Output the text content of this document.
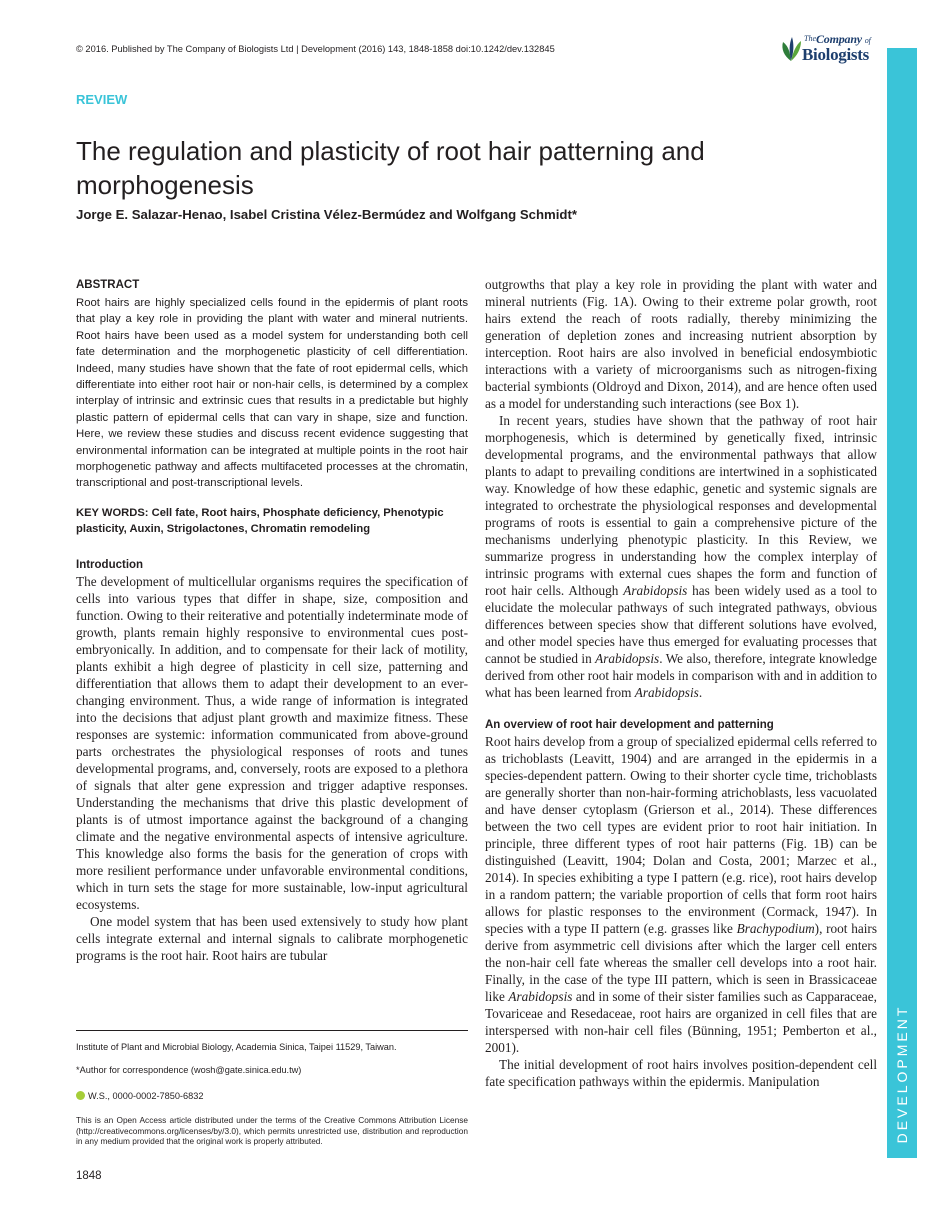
© 2016. Published by The Company of Biologists Ltd | Development (2016) 143, 1848-1858 doi:10.1242/dev.132845
The Company of
Biologists
DEVELOPMENT
REVIEW
The regulation and plasticity of root hair patterning and morphogenesis
Jorge E. Salazar-Henao, Isabel Cristina Vélez-Bermúdez and Wolfgang Schmidt*

ABSTRACT

Root hairs are highly specialized cells found in the epidermis of plant roots that play a key role in providing the plant with water and mineral nutrients. Root hairs have been used as a model system for understanding both cell fate determination and the morphogenetic plasticity of cell differentiation. Indeed, many studies have shown that the fate of root epidermal cells, which differentiate into either root hair or non-hair cells, is determined by a complex interplay of intrinsic and extrinsic cues that results in a predictable but highly plastic pattern of epidermal cells that can vary in shape, size and function. Here, we review these studies and discuss recent evidence suggesting that environmental information can be integrated at multiple points in the root hair morphogenetic pathway and affects multifaceted processes at the chromatin, transcriptional and post-transcriptional levels.

KEY WORDS: Cell fate, Root hairs, Phosphate deficiency, Phenotypic plasticity, Auxin, Strigolactones, Chromatin remodeling

Introduction

The development of multicellular organisms requires the specification of cells into various types that differ in shape, size, composition and function. Owing to their reiterative and potentially indeterminate mode of growth, plants remain highly responsive to environmental cues post-embryonically. In addition, and to compensate for their lack of motility, plants exhibit a high degree of plasticity in cell size, patterning and differentiation that allows them to adapt their development to an ever-changing environment. Thus, a wide range of information is integrated into the decisions that adjust plant growth and maximize fitness. These responses are systemic: information communicated from above-ground parts orchestrates the physiological responses of roots and tunes developmental programs, and, conversely, roots are exposed to a plethora of signals that alter gene expression and trigger adaptive responses. Understanding the mechanisms that drive this plastic development of plants is of utmost importance against the background of a changing climate and the negative environmental aspects of intensive agriculture. This knowledge also forms the basis for the generation of crops with more resilient performance under unfavorable environmental conditions, which in turn sets the stage for more sustainable, low-input agricultural ecosystems.

One model system that has been used extensively to study how plant cells integrate external and internal signals to calibrate morphogenetic programs is the root hair. Root hairs are tubular

Institute of Plant and Microbial Biology, Academia Sinica, Taipei 11529, Taiwan.
*Author for correspondence (wosh@gate.sinica.edu.tw)
W.S., 0000-0002-7850-6832
This is an Open Access article distributed under the terms of the Creative Commons Attribution License (http://creativecommons.org/licenses/by/3.0), which permits unrestricted use, distribution and reproduction in any medium provided that the original work is properly attributed.
1848

outgrowths that play a key role in providing the plant with water and mineral nutrients (Fig. 1A). Owing to their extreme polar growth, root hairs extend the reach of roots radially, thereby minimizing the generation of depletion zones and increasing nutrient absorption by interception. Root hairs are also involved in beneficial endosymbiotic interactions with a variety of microorganisms such as nitrogen-fixing bacterial symbionts (Oldroyd and Dixon, 2014), and are hence often used as a model for understanding such interactions (see Box 1).

In recent years, studies have shown that the pathway of root hair morphogenesis, which is determined by genetically fixed, intrinsic developmental programs, and the environmental pathways that allow plants to adapt to prevailing conditions are intertwined in a sophisticated way. Knowledge of how these edaphic, genetic and systemic signals are integrated to orchestrate the physiological responses and developmental programs of roots is essential to gain a comprehensive picture of the mechanisms underlying phenotypic plasticity. In this Review, we summarize progress in understanding how the complex interplay of intrinsic programs with external cues shapes the form and function of root hair cells. Although Arabidopsis has been widely used as a tool to elucidate the molecular pathways of such integrated pathways, obvious differences between species show that different solutions have evolved, and other model species have thus emerged for evaluating processes that cannot be studied in Arabidopsis. We also, therefore, integrate knowledge derived from other root hair models in comparison with and in addition to what has been learned from Arabidopsis.

An overview of root hair development and patterning

Root hairs develop from a group of specialized epidermal cells referred to as trichoblasts (Leavitt, 1904) and are arranged in the epidermis in a species-dependent pattern. Owing to their shorter cycle time, trichoblasts are generally shorter than non-hair-forming atrichoblasts, less vacuolated and have denser cytoplasm (Grierson et al., 2014). These differences between the two cell types are evident prior to root hair initiation. In principle, three different types of root hair patterns (Fig. 1B) can be distinguished (Leavitt, 1904; Dolan and Costa, 2001; Marzec et al., 2014). In species exhibiting a type I pattern (e.g. rice), root hairs develop in a random pattern; the variable proportion of cells that form root hairs allows for plastic responses to the environment (Cormack, 1947). In species with a type II pattern (e.g. grasses like Brachypodium), root hairs derive from asymmetric cell divisions after which the larger cell enters the non-hair cell fate whereas the smaller cell develops into a root hair. Finally, in the case of the type III pattern, which is seen in Brassicaceae like Arabidopsis and in some of their sister families such as Capparaceae, Tovariceae and Resedaceae, root hairs are organized in cell files that are interspersed with non-hair cell files (Bünning, 1951; Pemberton et al., 2001).

The initial development of root hairs involves position-dependent cell fate specification pathways within the epidermis. Manipulation
